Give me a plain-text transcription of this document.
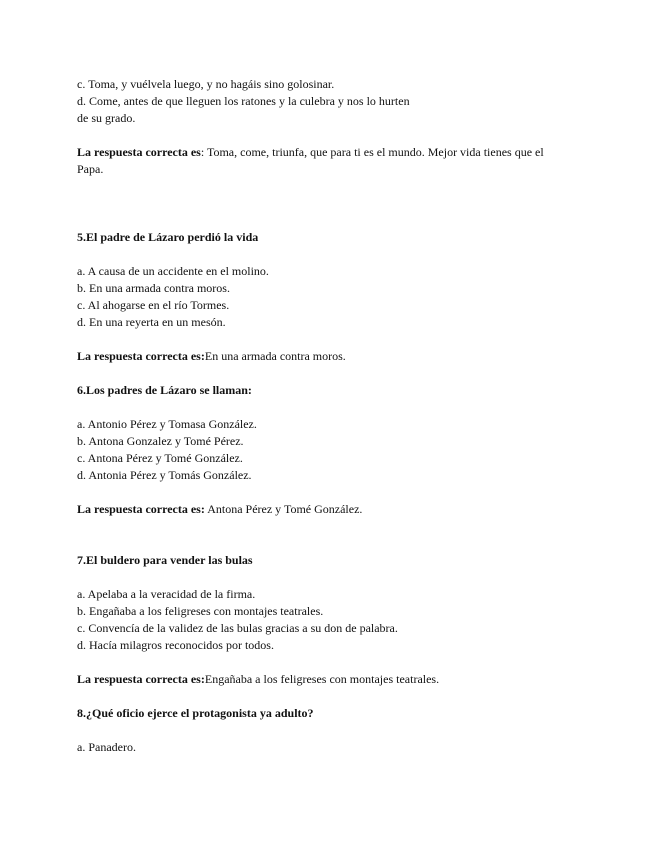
c. Toma, y vuélvela luego, y no hagáis sino golosinar.
d. Come, antes de que lleguen los ratones y la culebra y nos lo hurten
de su grado.
La respuesta correcta es: Toma, come, triunfa, que para ti es el mundo. Mejor vida tienes que el
Papa.
5.El padre de Lázaro perdió la vida
a. A causa de un accidente en el molino.
b. En una armada contra moros.
c. Al ahogarse en el río Tormes.
d. En una reyerta en un mesón.
La respuesta correcta es:En una armada contra moros.
6.Los padres de Lázaro se llaman:
a. Antonio Pérez y Tomasa González.
b. Antona Gonzalez y Tomé Pérez.
c. Antona Pérez y Tomé González.
d. Antonia Pérez y Tomás González.
La respuesta correcta es: Antona Pérez y Tomé González.
7.El buldero para vender las bulas
a. Apelaba a la veracidad de la firma.
b. Engañaba a los feligreses con montajes teatrales.
c. Convencía de la validez de las bulas gracias a su don de palabra.
d. Hacía milagros reconocidos por todos.
La respuesta correcta es:Engañaba a los feligreses con montajes teatrales.
8.¿Qué oficio ejerce el protagonista ya adulto?
a. Panadero.
